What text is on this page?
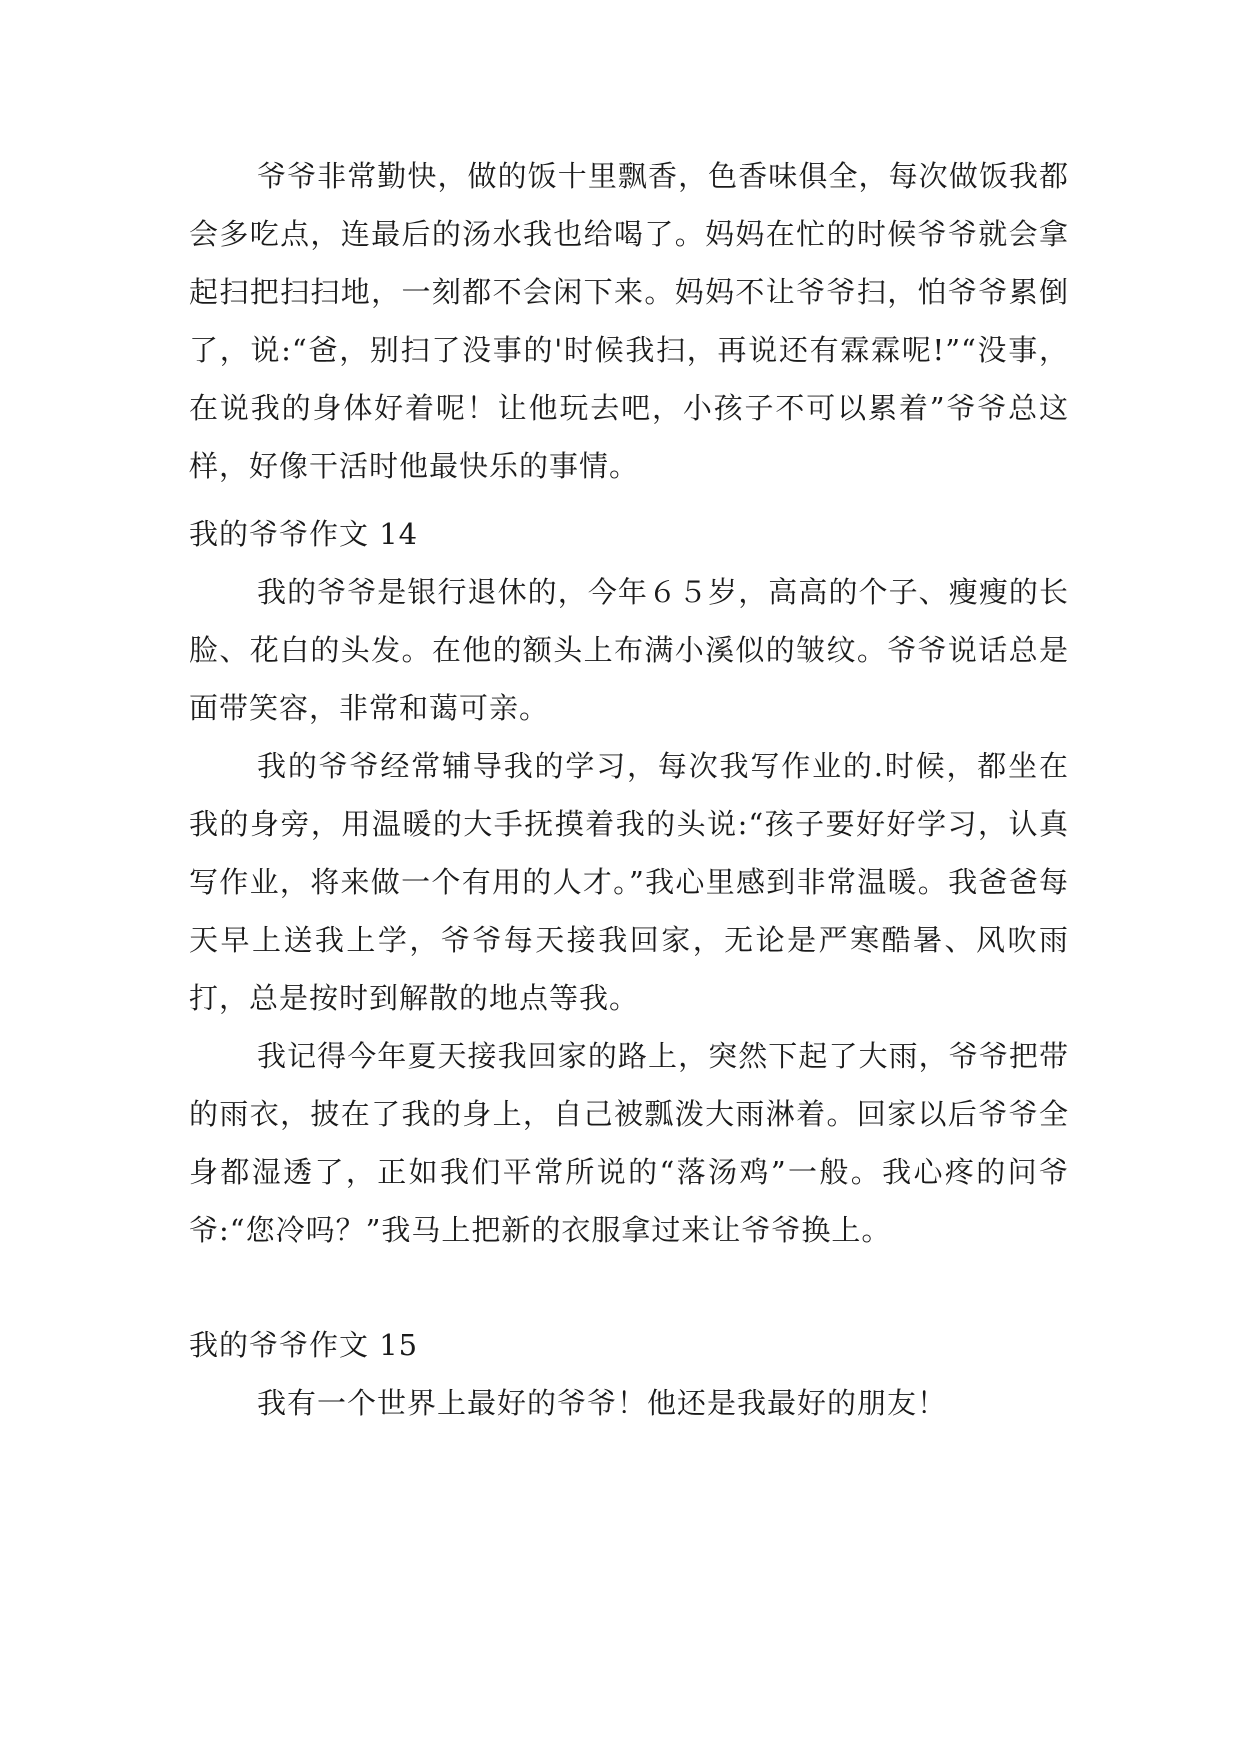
爷爷非常勤快，做的饭十里飘香，色香味俱全，每次做饭我都会多吃点，连最后的汤水我也给喝了。妈妈在忙的时候爷爷就会拿起扫把扫扫地，一刻都不会闲下来。妈妈不让爷爷扫，怕爷爷累倒了，说:“爸，别扫了没事的'时候我扫，再说还有霖霖呢!”“没事，在说我的身体好着呢！让他玩去吧，小孩子不可以累着”爷爷总这样，好像干活时他最快乐的事情。

我的爷爷作文 14

我的爷爷是银行退休的，今年６５岁，高高的个子、瘦瘦的长脸、花白的头发。在他的额头上布满小溪似的皱纹。爷爷说话总是面带笑容，非常和蔼可亲。

我的爷爷经常辅导我的学习，每次我写作业的.时候，都坐在我的身旁，用温暖的大手抚摸着我的头说:“孩子要好好学习，认真写作业，将来做一个有用的人才。”我心里感到非常温暖。我爸爸每天早上送我上学，爷爷每天接我回家，无论是严寒酷暑、风吹雨打，总是按时到解散的地点等我。

我记得今年夏天接我回家的路上，突然下起了大雨，爷爷把带的雨衣，披在了我的身上，自己被瓢泼大雨淋着。回家以后爷爷全身都湿透了，正如我们平常所说的“落汤鸡”一般。我心疼的问爷爷:“您冷吗？”我马上把新的衣服拿过来让爷爷换上。

我的爷爷作文 15

我有一个世界上最好的爷爷！他还是我最好的朋友！
